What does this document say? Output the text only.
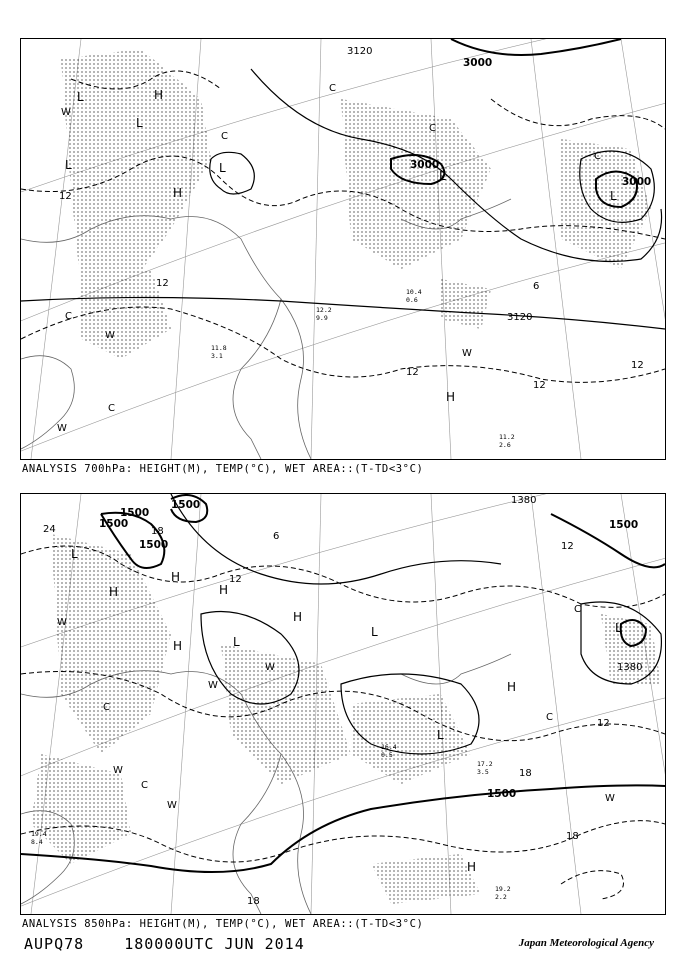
11.2
2.6
10.4
0.6
11.8
3.1
12.2
9.9
L
L
L	L
L
L
H
H
H
W
W
W
W
C
C
C
C
C
C
3120
3000
3000
3000
3120
12
12
12
12
12
6
ANALYSIS 700hPa: HEIGHT(M), TEMP(°C), WET AREA::(T-TD<3°C)
19.2
2.2
19.4
8.4
17.2
3.5
16.4
0.5
L
L
L
L
L
H
H	H
H
H
H
H
W
W
W
W
W
W
C
C
C
C
1500
1500
1500
1500
1500
1500
1380
1380
24	18
18
18
12
12
12
6
18
ANALYSIS 850hPa: HEIGHT(M), TEMP(°C), WET AREA::(T-TD<3°C)
AUPQ78	180000UTC JUN 2014	Japan Meteorological Agency
